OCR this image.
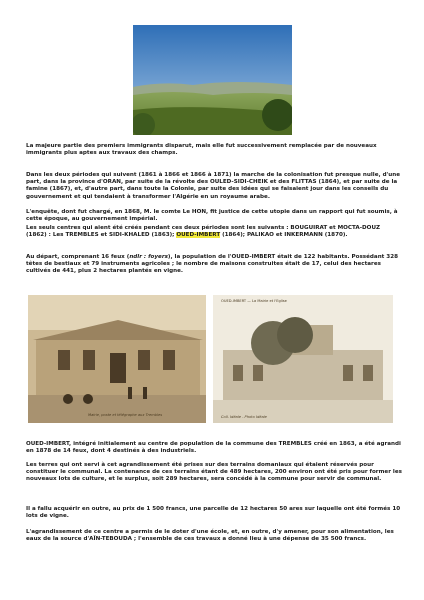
La majeure partie des premiers immigrants disparut, mais elle fut successivement remplacée par de nouveaux immigrants plus aptes aux travaux des champs.

Dans les deux périodes qui suivent (1861 à 1866 et 1866 à 1871) la marche de la colonisation fut presque nulle, d'une part, dans la province d'ORAN, par suite de la révolte des OULED-SIDI-CHEIK et des FLITTAS (1864), et par suite de la famine (1867), et, d'autre part, dans toute la Colonie, par suite des idées qui se faisaient jour dans les conseils du gouvernement et qui tendaient à transformer l'Algérie en un royaume arabe.

L'enquête, dont fut chargé, en 1868, M. le comte Le HON, fit justice de cette utopie dans un rapport qui fut soumis, à cette époque, au gouvernement impérial.

Les seuls centres qui aient été créés pendant ces deux périodes sont les suivants : BOUGUIRAT et MOCTA-DOUZ (1862) : Les TREMBLES et SIDI-KHALED (1863); OUED-IMBERT (1864); PALIKAO et INKERMANN (1870).

Au départ, comprenant 16 feux (ndlr : foyers), la population de l'OUED-IMBERT était de 122 habitants. Possédant 328 têtes de bestiaux et 79 instruments agricoles ; le nombre de maisons construites était de 17, celui des hectares cultivés de 441, plus 2 hectares plantés en vigne.

Mairie, poste et télégraphe aux Trembles
OUED-IMBERT — La Mairie et l'Eglise
Coll. Idéale - Photo Idéale

OUED-IMBERT, intégré initialement au centre de population de la commune des TREMBLES créé en 1863, a été agrandi en 1878 de 14 feux, dont 4 destinés à des industriels.

Les terres qui ont servi à cet agrandissement été prises sur des terrains domaniaux qui étaient réservés pour constituer le communal. La contenance de ces terrains étant de 489 hectares, 200 environ ont été pris pour former les nouveaux lots de culture, et le surplus, soit 289 hectares, sera concédé à la commune pour servir de communal.

Il a fallu acquérir en outre, au prix de 1 500 francs, une parcelle de 12 hectares 50 ares sur laquelle ont été formés 10 lots de vigne.

L'agrandissement de ce centre a permis de le doter d'une école, et, en outre, d'y amener, pour son alimentation, les eaux de la source d'AÏN-TEBOUDA ; l'ensemble de ces travaux a donné lieu à une dépense de 35 500 francs.
